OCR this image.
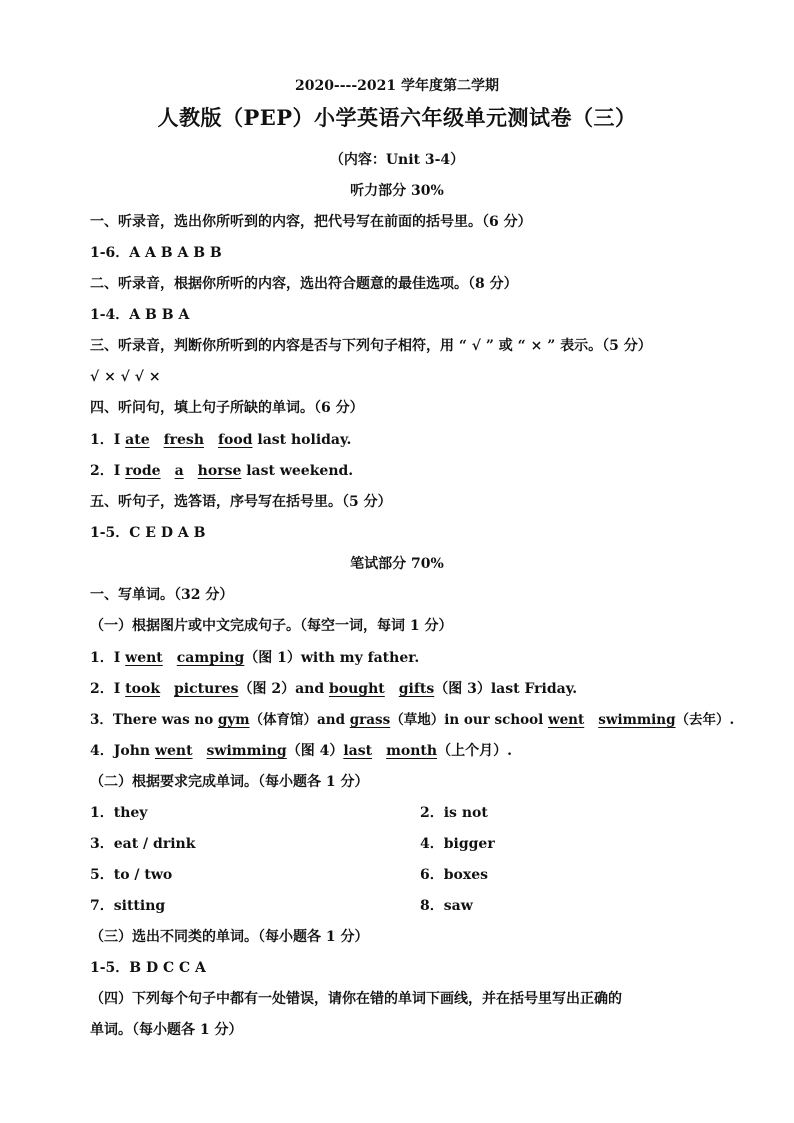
2020----2021 学年度第二学期
人教版（PEP）小学英语六年级单元测试卷（三）
（内容：Unit 3-4）
听力部分 30%
一、听录音，选出你所听到的内容，把代号写在前面的括号里。（6 分）
1-6．A A B A B B
二、听录音，根据你所听的内容，选出符合题意的最佳选项。（8 分）
1-4．A B B A
三、听录音，判断你所听到的内容是否与下列句子相符，用 “ √ ” 或 “ × ” 表示。（5 分）
√ × √ √ ×
四、听问句，填上句子所缺的单词。（6 分）
1．I ate fresh food last holiday.
2．I rode a horse last weekend.
五、听句子，选答语，序号写在括号里。（5 分）
1-5．C E D A B
笔试部分 70%
一、写单词。（32 分）
（一）根据图片或中文完成句子。（每空一词，每词 1 分）
1．I went camping（图 1）with my father.
2．I took pictures（图 2）and bought gifts（图 3）last Friday.
3．There was no gym（体育馆）and grass（草地）in our school went swimming（去年）.
4．John went swimming（图 4）last month（上个月）.
（二）根据要求完成单词。（每小题各 1 分）
1．they	2．is not
3．eat / drink	4．bigger
5．to / two	6．boxes
7．sitting	8．saw
（三）选出不同类的单词。（每小题各 1 分）
1-5．B D C C A
（四）下列每个句子中都有一处错误，请你在错的单词下画线，并在括号里写出正确的
单词。（每小题各 1 分）
